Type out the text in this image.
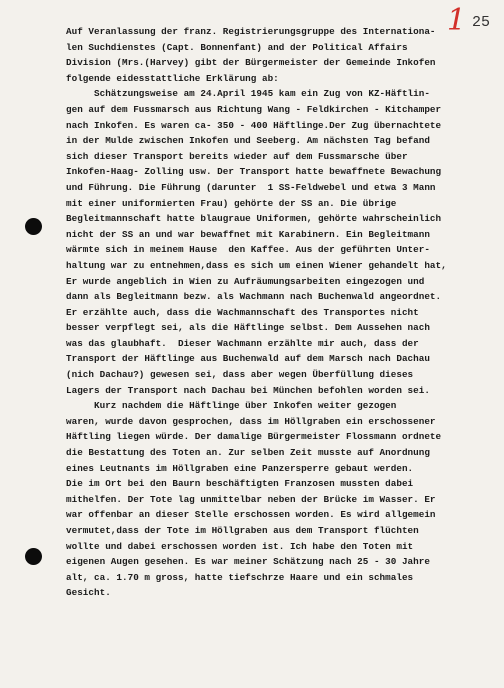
1 25
Auf Veranlassung der franz. Registrierungsgruppe des Internationa-
len Suchdienstes (Capt. Bonnenfant) and der Political Affairs
Division (Mrs.(Harvey) gibt der Bürgermeister der Gemeinde Inkofen
folgende eidesstattliche Erklärung ab:
Schätzungsweise am 24.April 1945 kam ein Zug von KZ-Häftlin-
gen auf dem Fussmarsch aus Richtung Wang - Feldkirchen - Kitchamper
nach Inkofen. Es waren ca- 350 - 400 Häftlinge.Der Zug übernachtete
in der Mulde zwischen Inkofen und Seeberg. Am nächsten Tag befand
sich dieser Transport bereits wieder auf dem Fussmarsche über
Inkofen-Haag- Zolling usw. Der Transport hatte bewaffnete Bewachung
und Führung. Die Führung (darunter  1 SS-Feldwebel und etwa 3 Mann
mit einer uniformierten Frau) gehörte der SS an. Die übrige
Begleitmannschaft hatte blaugraue Uniformen, gehörte wahrscheinlich
nicht der SS an und war bewaffnet mit Karabinern. Ein Begleitmann
wärmte sich in meinem Hause  den Kaffee. Aus der geführten Unter-
haltung war zu entnehmen,dass es sich um einen Wiener gehandelt hat,
Er wurde angeblich in Wien zu Aufräumungsarbeiten eingezogen und
dann als Begleitmann bezw. als Wachmann nach Buchenwald angeordnet.
Er erzählte auch, dass die Wachmannschaft des Transportes nicht
besser verpflegt sei, als die Häftlinge selbst. Dem Aussehen nach
was das glaubhaft.  Dieser Wachmann erzählte mir auch, dass der
Transport der Häftlinge aus Buchenwald auf dem Marsch nach Dachau
(nich Dachau?) gewesen sei, dass aber wegen Überfüllung dieses
Lagers der Transport nach Dachau bei München befohlen worden sei.
Kurz nachdem die Häftlinge über Inkofen weiter gezogen
waren, wurde davon gesprochen, dass im Höllgraben ein erschossener
Häftling liegen würde. Der damalige Bürgermeister Flossmann ordnete
die Bestattung des Toten an. Zur selben Zeit musste auf Anordnung
eines Leutnants im Höllgraben eine Panzersperre gebaut werden.
Die im Ort bei den Baurn beschäftigten Franzosen mussten dabei
mithelfen. Der Tote lag unmittelbar neben der Brücke im Wasser. Er
war offenbar an dieser Stelle erschossen worden. Es wird allgemein
vermutet,dass der Tote im Höllgraben aus dem Transport flüchten
wollte und dabei erschossen worden ist. Ich habe den Toten mit
eigenen Augen gesehen. Es war meiner Schätzung nach 25 - 30 Jahre
alt, ca. 1.70 m gross, hatte tiefschrze Haare und ein schmales
Gesicht.
